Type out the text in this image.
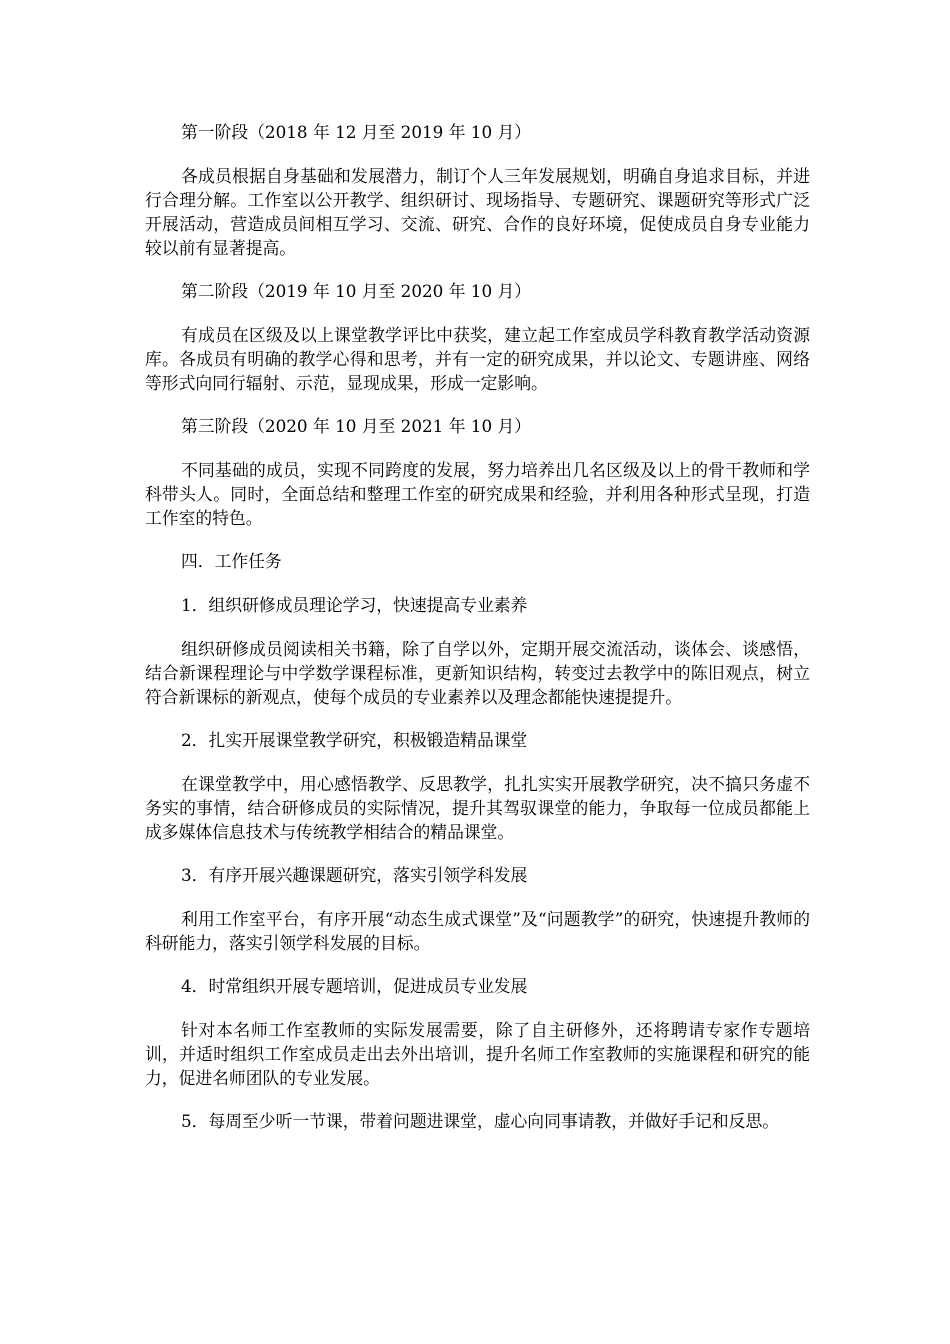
第一阶段（2018 年 12 月至 2019 年 10 月）

各成员根据自身基础和发展潜力，制订个人三年发展规划，明确自身追求目标，并进行合理分解。工作室以公开教学、组织研讨、现场指导、专题研究、课题研究等形式广泛开展活动，营造成员间相互学习、交流、研究、合作的良好环境，促使成员自身专业能力较以前有显著提高。

第二阶段（2019 年 10 月至 2020 年 10 月）

有成员在区级及以上课堂教学评比中获奖，建立起工作室成员学科教育教学活动资源库。各成员有明确的教学心得和思考，并有一定的研究成果，并以论文、专题讲座、网络等形式向同行辐射、示范，显现成果，形成一定影响。

第三阶段（2020 年 10 月至 2021 年 10 月）

不同基础的成员，实现不同跨度的发展，努力培养出几名区级及以上的骨干教师和学科带头人。同时，全面总结和整理工作室的研究成果和经验，并利用各种形式呈现，打造工作室的特色。

四．工作任务

1．组织研修成员理论学习，快速提高专业素养

组织研修成员阅读相关书籍，除了自学以外，定期开展交流活动，谈体会、谈感悟，结合新课程理论与中学数学课程标准，更新知识结构，转变过去教学中的陈旧观点，树立符合新课标的新观点，使每个成员的专业素养以及理念都能快速提提升。

2．扎实开展课堂教学研究，积极锻造精品课堂

在课堂教学中，用心感悟教学、反思教学，扎扎实实开展教学研究，决不搞只务虚不务实的事情，结合研修成员的实际情况，提升其驾驭课堂的能力，争取每一位成员都能上成多媒体信息技术与传统教学相结合的精品课堂。

3．有序开展兴趣课题研究，落实引领学科发展

利用工作室平台，有序开展“动态生成式课堂”及“问题教学”的研究，快速提升教师的科研能力，落实引领学科发展的目标。

4．时常组织开展专题培训，促进成员专业发展

针对本名师工作室教师的实际发展需要，除了自主研修外，还将聘请专家作专题培训，并适时组织工作室成员走出去外出培训，提升名师工作室教师的实施课程和研究的能力，促进名师团队的专业发展。

5．每周至少听一节课，带着问题进课堂，虚心向同事请教，并做好手记和反思。
